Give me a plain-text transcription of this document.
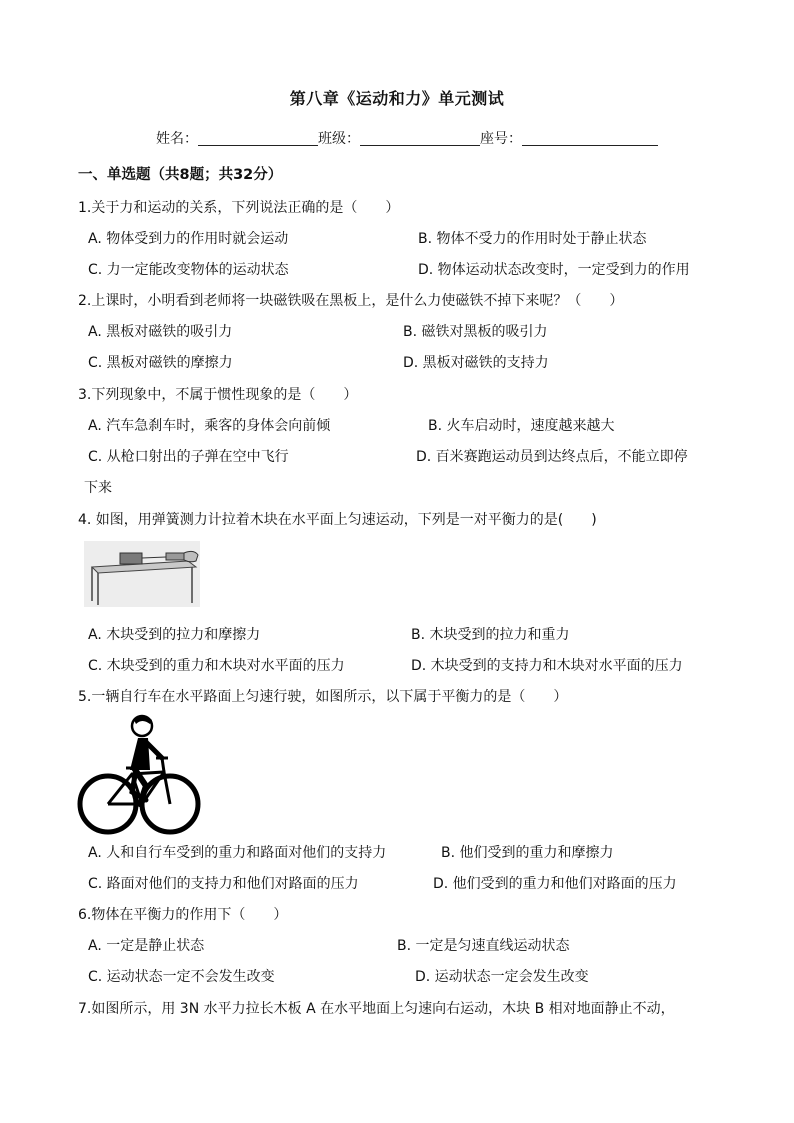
第八章《运动和力》单元测试
姓名：	班级：	座号：
一、单选题（共8题；共32分）
1.关于力和运动的关系，下列说法正确的是（　　）
A. 物体受到力的作用时就会运动	B. 物体不受力的作用时处于静止状态
C. 力一定能改变物体的运动状态	D. 物体运动状态改变时，一定受到力的作用
2.上课时，小明看到老师将一块磁铁吸在黑板上，是什么力使磁铁不掉下来呢？（　　）
A. 黑板对磁铁的吸引力	B. 磁铁对黑板的吸引力
C. 黑板对磁铁的摩擦力	D. 黑板对磁铁的支持力
3.下列现象中，不属于惯性现象的是（　　）
A. 汽车急刹车时，乘客的身体会向前倾	B. 火车启动时，速度越来越大
C. 从枪口射出的子弹在空中飞行	D. 百米赛跑运动员到达终点后，不能立即停
下来
4. 如图，用弹簧测力计拉着木块在水平面上匀速运动，下列是一对平衡力的是(　　)
A. 木块受到的拉力和摩擦力	B. 木块受到的拉力和重力
C. 木块受到的重力和木块对水平面的压力	D. 木块受到的支持力和木块对水平面的压力
5.一辆自行车在水平路面上匀速行驶，如图所示，以下属于平衡力的是（　　）
A. 人和自行车受到的重力和路面对他们的支持力	B. 他们受到的重力和摩擦力
C. 路面对他们的支持力和他们对路面的压力	D. 他们受到的重力和他们对路面的压力
6.物体在平衡力的作用下（　　）
A. 一定是静止状态	B. 一定是匀速直线运动状态
C. 运动状态一定不会发生改变	D. 运动状态一定会发生改变
7.如图所示，用 3N 水平力拉长木板 A 在水平地面上匀速向右运动，木块 B 相对地面静止不动，
